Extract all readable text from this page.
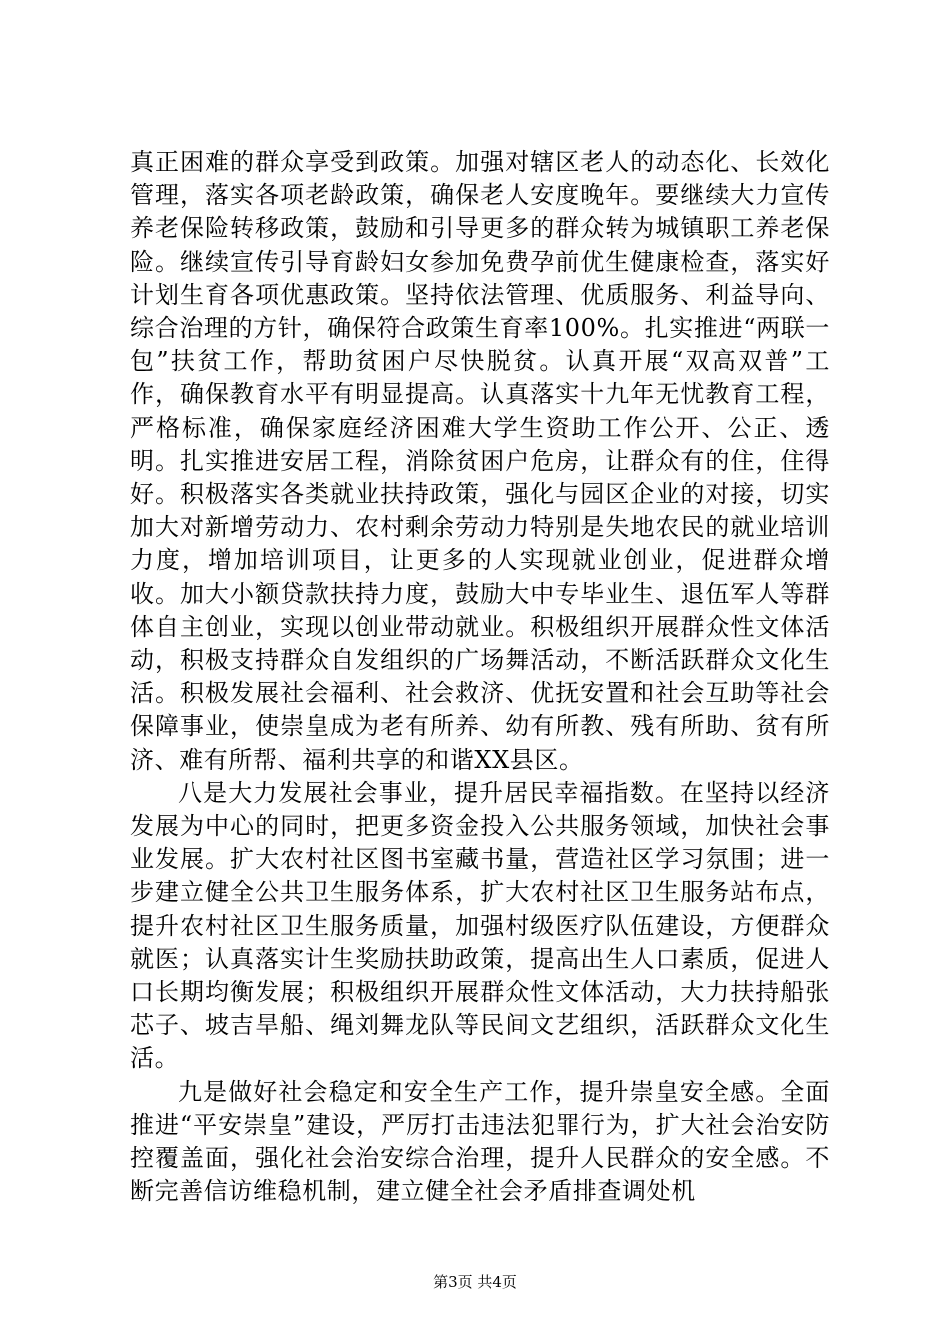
真正困难的群众享受到政策。加强对辖区老人的动态化、长效化管理，落实各项老龄政策，确保老人安度晚年。要继续大力宣传养老保险转移政策，鼓励和引导更多的群众转为城镇职工养老保险。继续宣传引导育龄妇女参加免费孕前优生健康检查，落实好计划生育各项优惠政策。坚持依法管理、优质服务、利益导向、综合治理的方针，确保符合政策生育率100%。扎实推进“两联一包”扶贫工作，帮助贫困户尽快脱贫。认真开展“双高双普”工作，确保教育水平有明显提高。认真落实十九年无忧教育工程，严格标准，确保家庭经济困难大学生资助工作公开、公正、透明。扎实推进安居工程，消除贫困户危房，让群众有的住，住得好。积极落实各类就业扶持政策，强化与园区企业的对接，切实加大对新增劳动力、农村剩余劳动力特别是失地农民的就业培训力度，增加培训项目，让更多的人实现就业创业，促进群众增收。加大小额贷款扶持力度，鼓励大中专毕业生、退伍军人等群体自主创业，实现以创业带动就业。积极组织开展群众性文体活动，积极支持群众自发组织的广场舞活动，不断活跃群众文化生活。积极发展社会福利、社会救济、优抚安置和社会互助等社会保障事业，使崇皇成为老有所养、幼有所教、残有所助、贫有所济、难有所帮、福利共享的和谐XX县区。

八是大力发展社会事业，提升居民幸福指数。在坚持以经济发展为中心的同时，把更多资金投入公共服务领域，加快社会事业发展。扩大农村社区图书室藏书量，营造社区学习氛围；进一步建立健全公共卫生服务体系，扩大农村社区卫生服务站布点，提升农村社区卫生服务质量，加强村级医疗队伍建设，方便群众就医；认真落实计生奖励扶助政策，提高出生人口素质，促进人口长期均衡发展；积极组织开展群众性文体活动，大力扶持船张芯子、坡吉旱船、绳刘舞龙队等民间文艺组织，活跃群众文化生活。

九是做好社会稳定和安全生产工作，提升崇皇安全感。全面推进“平安崇皇”建设，严厉打击违法犯罪行为，扩大社会治安防控覆盖面，强化社会治安综合治理，提升人民群众的安全感。不断完善信访维稳机制，建立健全社会矛盾排查调处机

第3页 共4页
